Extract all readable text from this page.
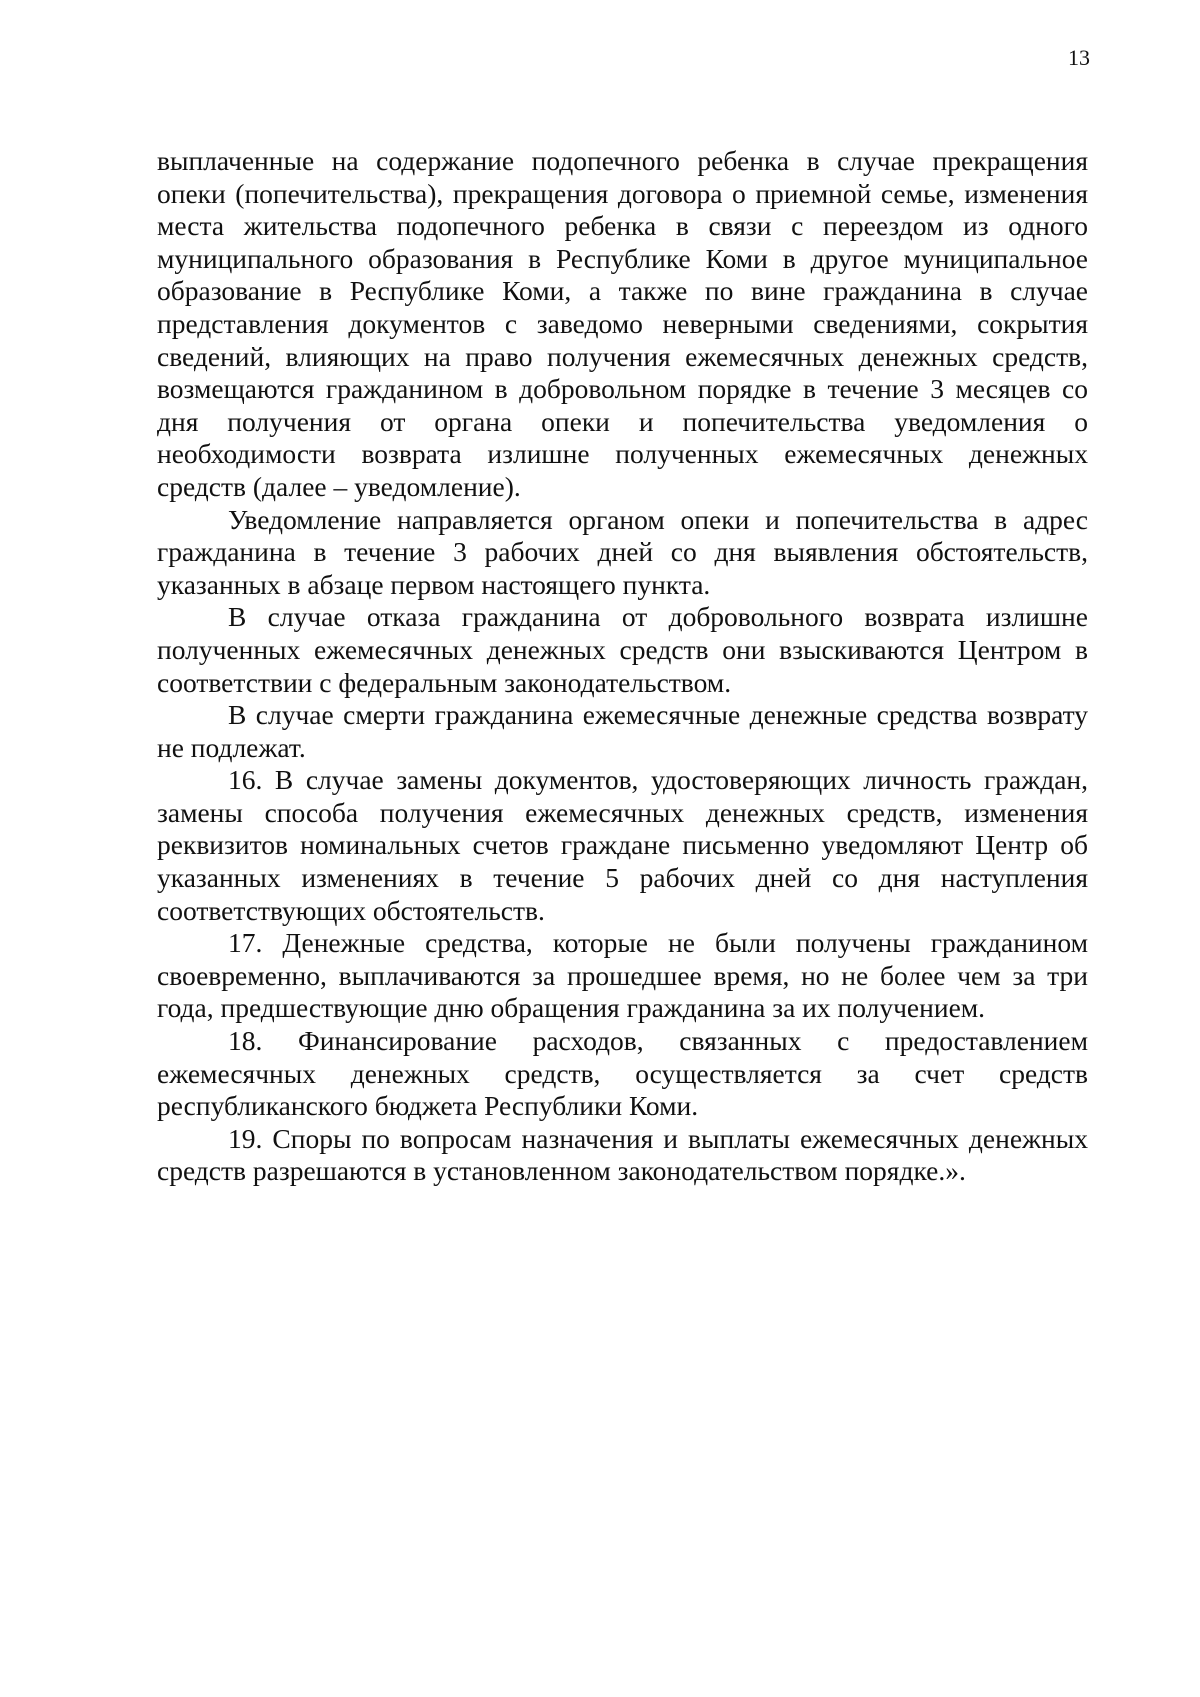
13

выплаченные на содержание подопечного ребенка в случае прекращения опеки (попечительства), прекращения договора о приемной семье, изменения места жительства подопечного ребенка в связи с переездом из одного муниципального образования в Республике Коми в другое муниципальное образование в Республике Коми, а также по вине гражданина в случае представления документов с заведомо неверными сведениями, сокрытия сведений, влияющих на право получения ежемесячных денежных средств, возмещаются гражданином в добровольном порядке в течение 3 месяцев со дня получения от органа опеки и попечительства уведомления о необходимости возврата излишне полученных ежемесячных денежных средств (далее – уведомление).

Уведомление направляется органом опеки и попечительства в адрес гражданина в течение 3 рабочих дней со дня выявления обстоятельств, указанных в абзаце первом настоящего пункта.

В случае отказа гражданина от добровольного возврата излишне полученных ежемесячных денежных средств они взыскиваются Центром в соответствии с федеральным законодательством.

В случае смерти гражданина ежемесячные денежные средства возврату не подлежат.

16. В случае замены документов, удостоверяющих личность граждан, замены способа получения ежемесячных денежных средств, изменения реквизитов номинальных счетов граждане письменно уведомляют Центр об указанных изменениях в течение 5 рабочих дней со дня наступления соответствующих обстоятельств.

17. Денежные средства, которые не были получены гражданином своевременно, выплачиваются за прошедшее время, но не более чем за три года, предшествующие дню обращения гражданина за их получением.

18. Финансирование расходов, связанных с предоставлением ежемесячных денежных средств, осуществляется за счет средств республиканского бюджета Республики Коми.

19. Споры по вопросам назначения и выплаты ежемесячных денежных средств разрешаются в установленном законодательством порядке.».
